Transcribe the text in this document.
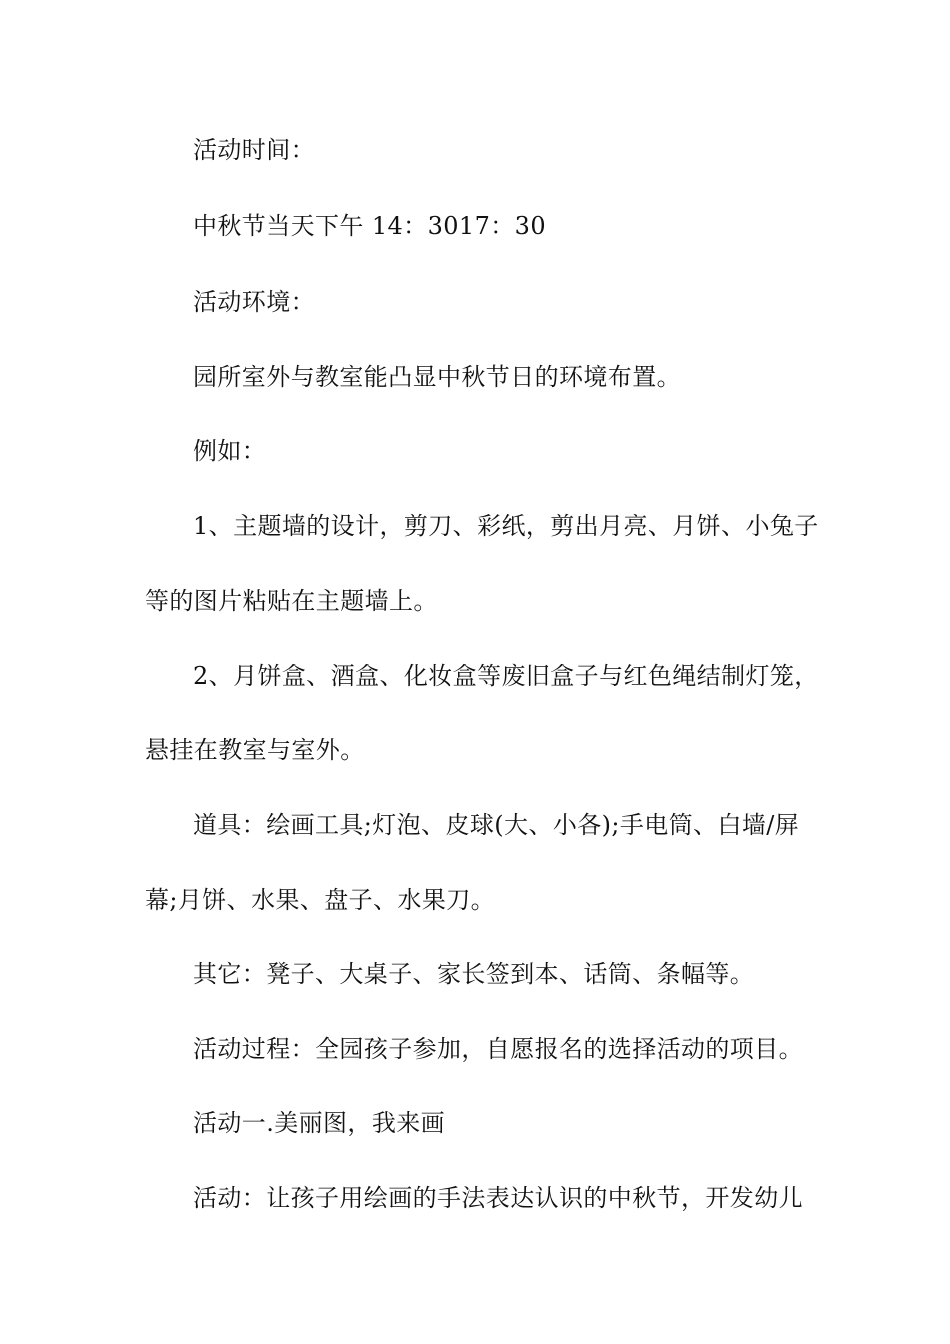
活动时间：
中秋节当天下午 14：3017：30
活动环境：
园所室外与教室能凸显中秋节日的环境布置。
例如：
1、主题墙的设计，剪刀、彩纸，剪出月亮、月饼、小兔子
等的图片粘贴在主题墙上。
2、月饼盒、酒盒、化妆盒等废旧盒子与红色绳结制灯笼，
悬挂在教室与室外。
道具：绘画工具;灯泡、皮球(大、小各);手电筒、白墙/屏
幕;月饼、水果、盘子、水果刀。
其它：凳子、大桌子、家长签到本、话筒、条幅等。
活动过程：全园孩子参加，自愿报名的选择活动的项目。
活动一.美丽图，我来画
活动：让孩子用绘画的手法表达认识的中秋节，开发幼儿
